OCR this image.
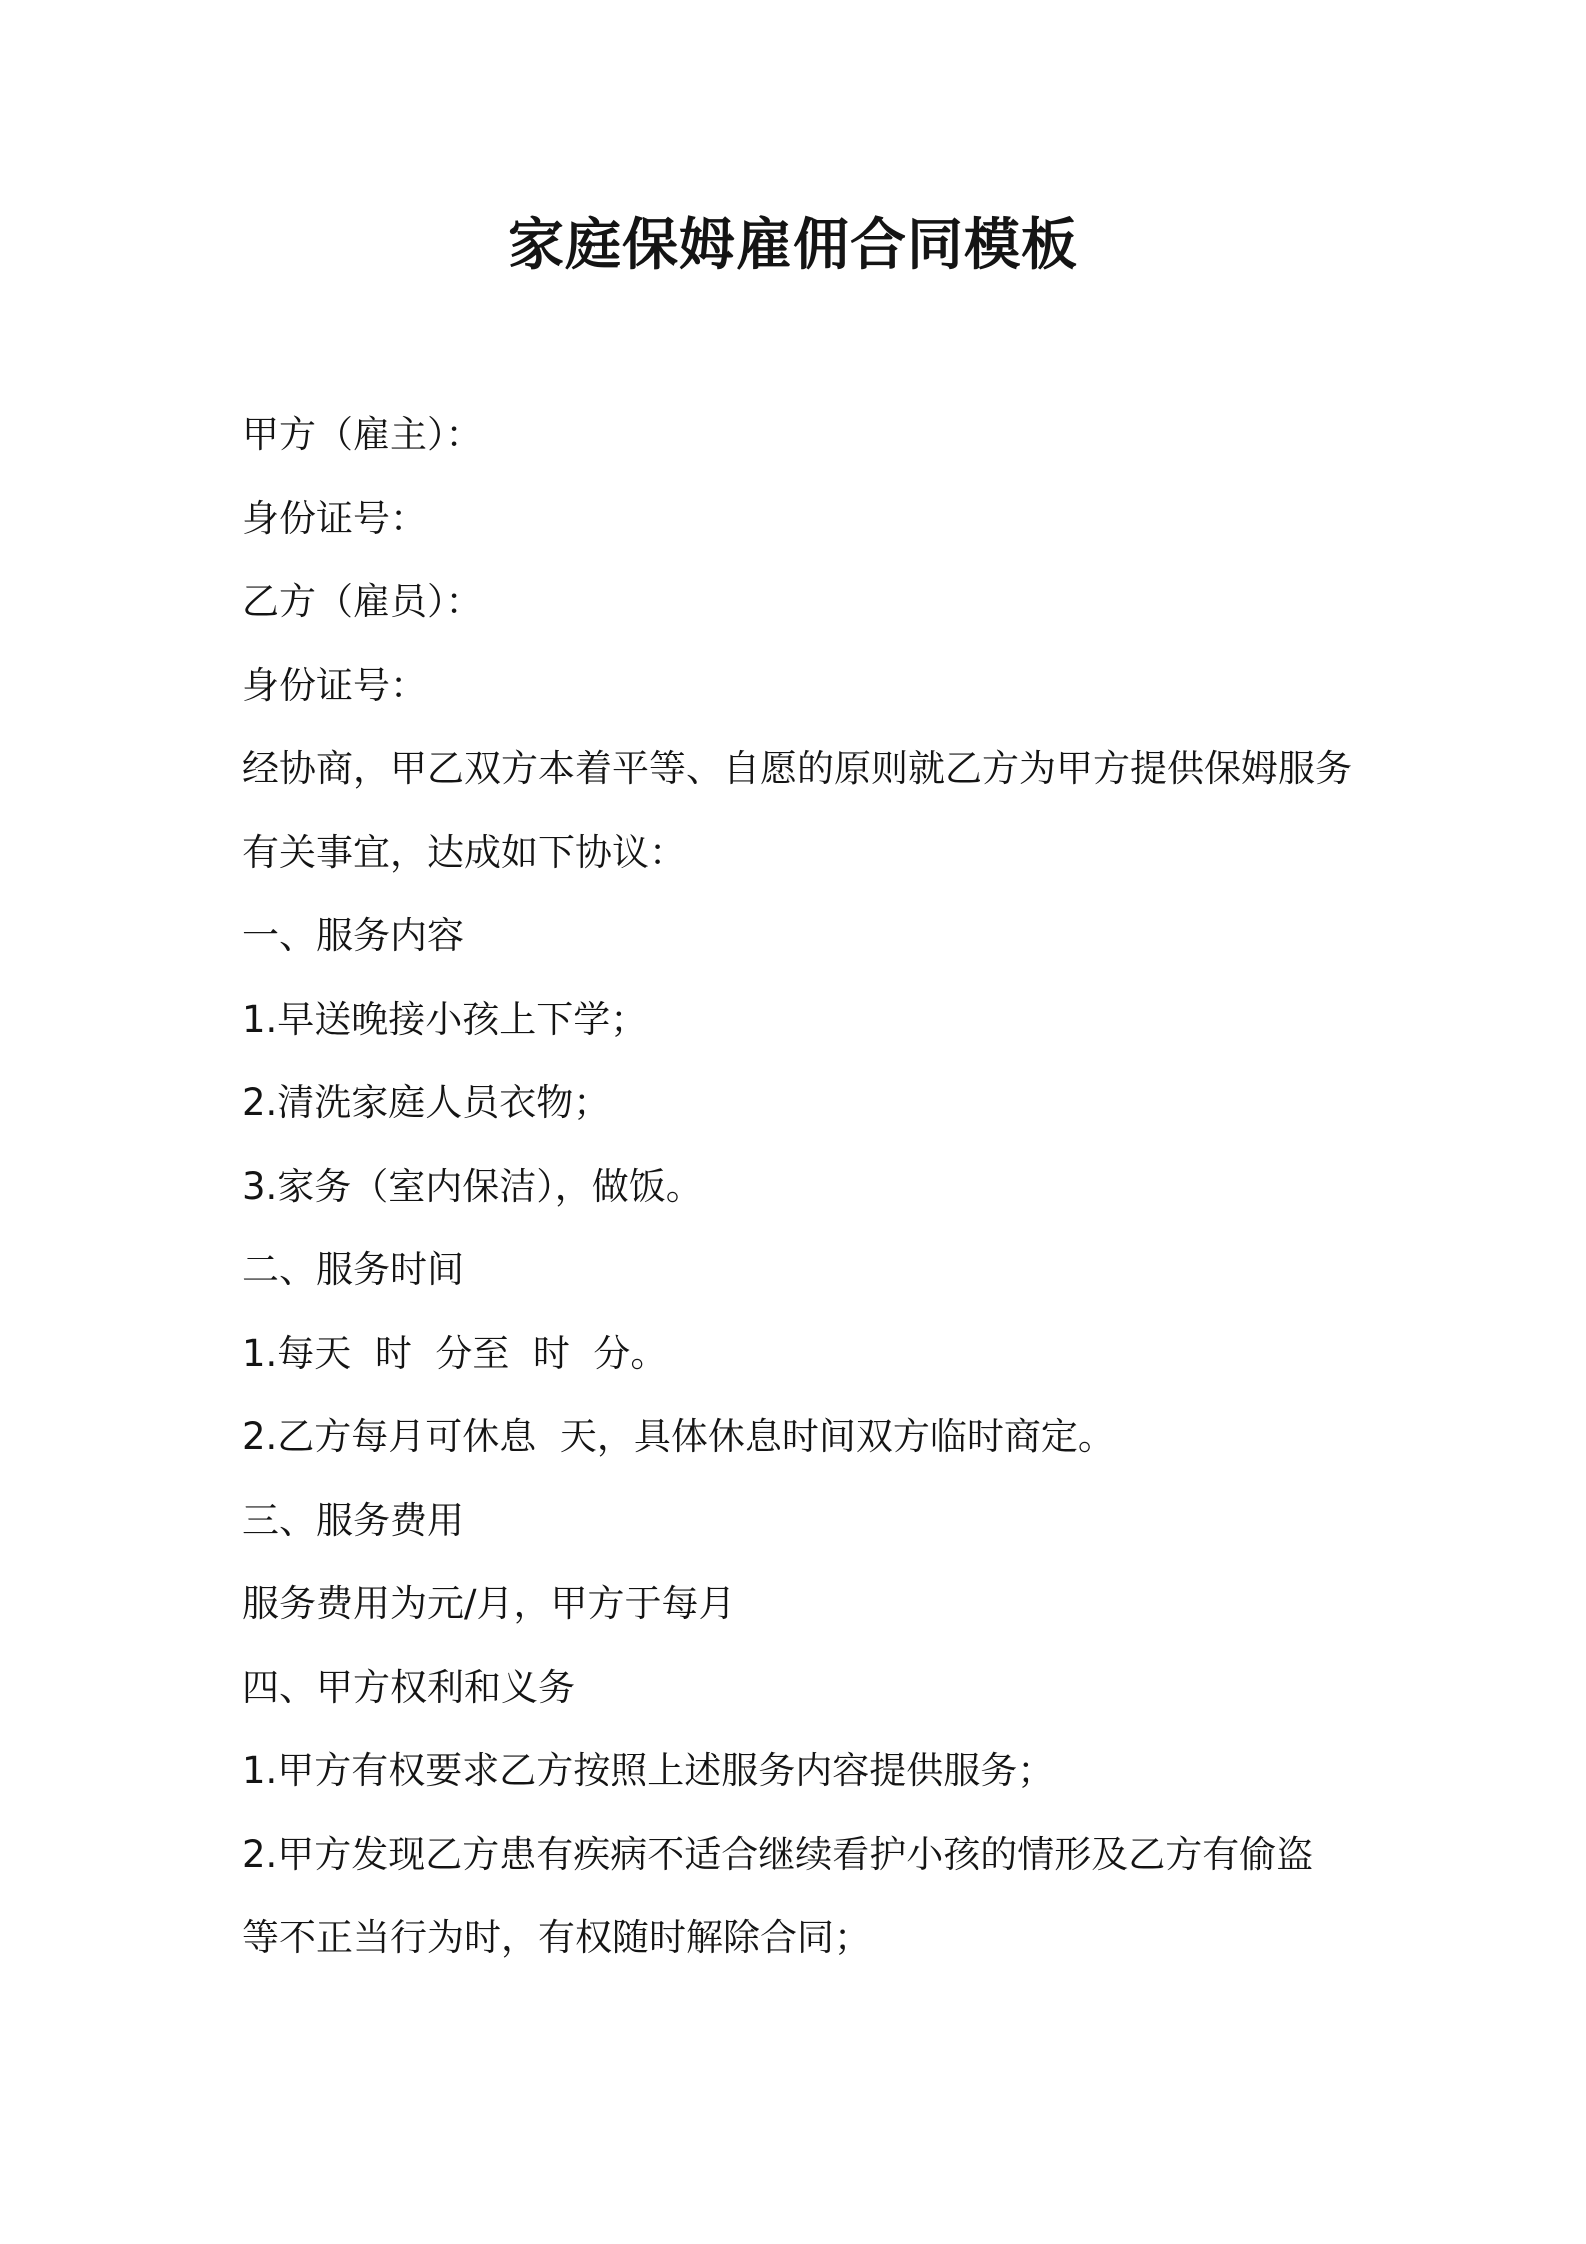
家庭保姆雇佣合同模板

甲方（雇主）：

身份证号：

乙方（雇员）：

身份证号：

经协商，甲乙双方本着平等、自愿的原则就乙方为甲方提供保姆服务

有关事宜，达成如下协议：

一、服务内容

1.早送晚接小孩上下学；

2.清洗家庭人员衣物；

3.家务（室内保洁），做饭。

二、服务时间

1.每天  时  分至  时  分。

2.乙方每月可休息  天，具体休息时间双方临时商定。

三、服务费用

服务费用为元/月，甲方于每月

四、甲方权利和义务

1.甲方有权要求乙方按照上述服务内容提供服务；

2.甲方发现乙方患有疾病不适合继续看护小孩的情形及乙方有偷盗

等不正当行为时，有权随时解除合同；
